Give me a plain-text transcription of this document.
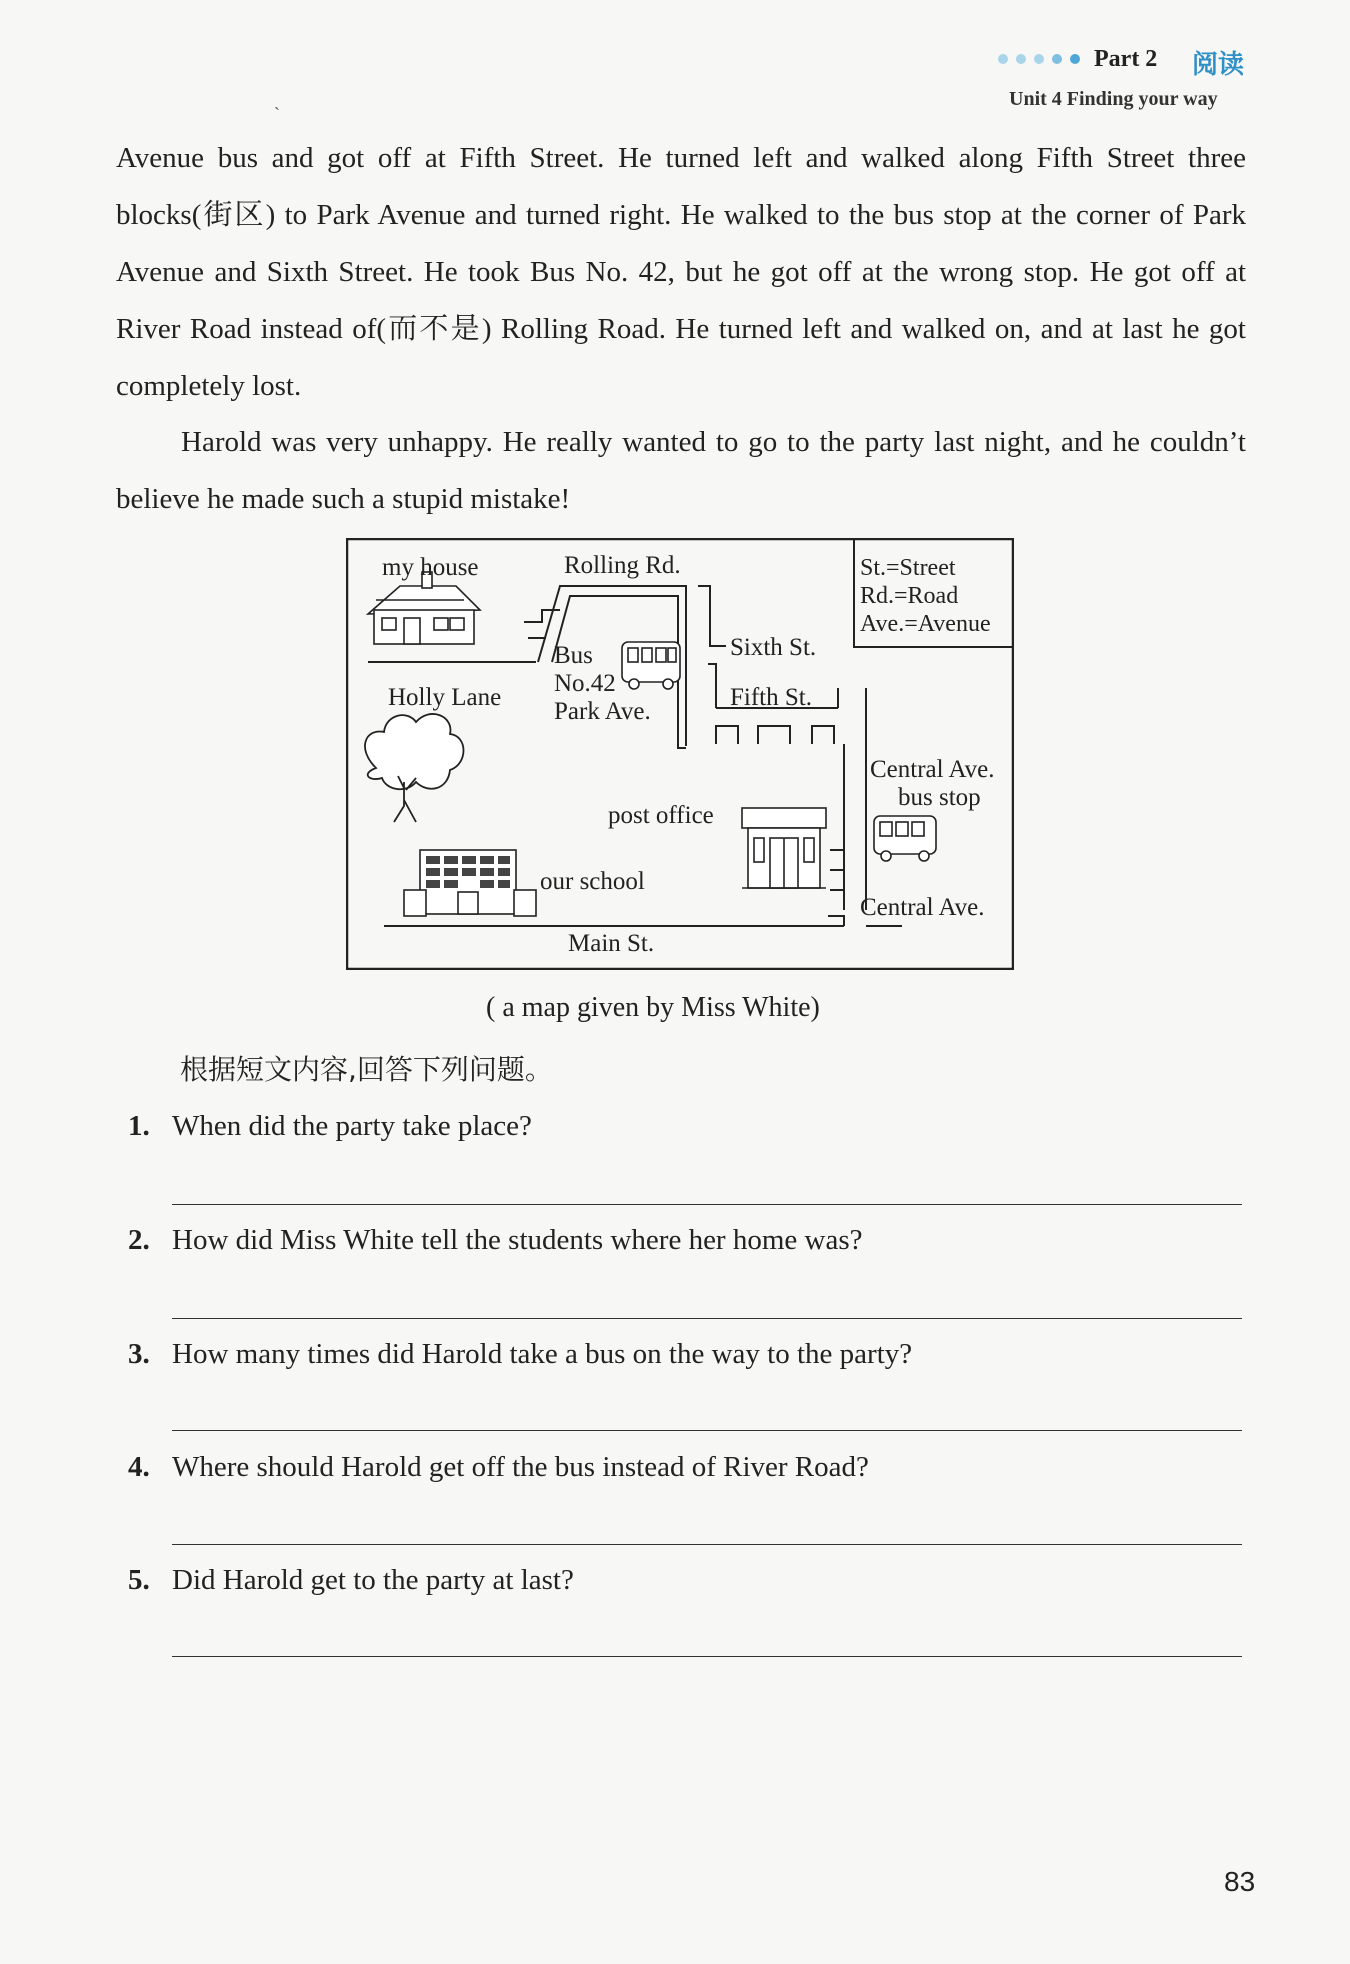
Part 2 阅读
Unit 4 Finding your way
ˏ
Avenue bus and got off at Fifth Street. He turned left and walked along Fifth Street three blocks(街区) to Park Avenue and turned right. He walked to the bus stop at the corner of Park Avenue and Sixth Street. He took Bus No. 42, but he got off at the wrong stop. He got off at River Road instead of(而不是) Rolling Road. He turned left and walked on, and at last he got completely lost.
Harold was very unhappy. He really wanted to go to the party last night, and he couldn’t believe he made such a stupid mistake!
my house	Rolling Rd.
Sixth St.
Fifth St.
Holly Lane
Bus
No.42
Park Ave.
post office
our school
Main St.
Central Ave.
bus stop
Central Ave.
St.=Street
Rd.=Road
Ave.=Avenue
( a map given by Miss White)
根据短文内容,回答下列问题。
1. When did the party take place?
2. How did Miss White tell the students where her home was?
3. How many times did Harold take a bus on the way to the party?
4. Where should Harold get off the bus instead of River Road?
5. Did Harold get to the party at last?
83
